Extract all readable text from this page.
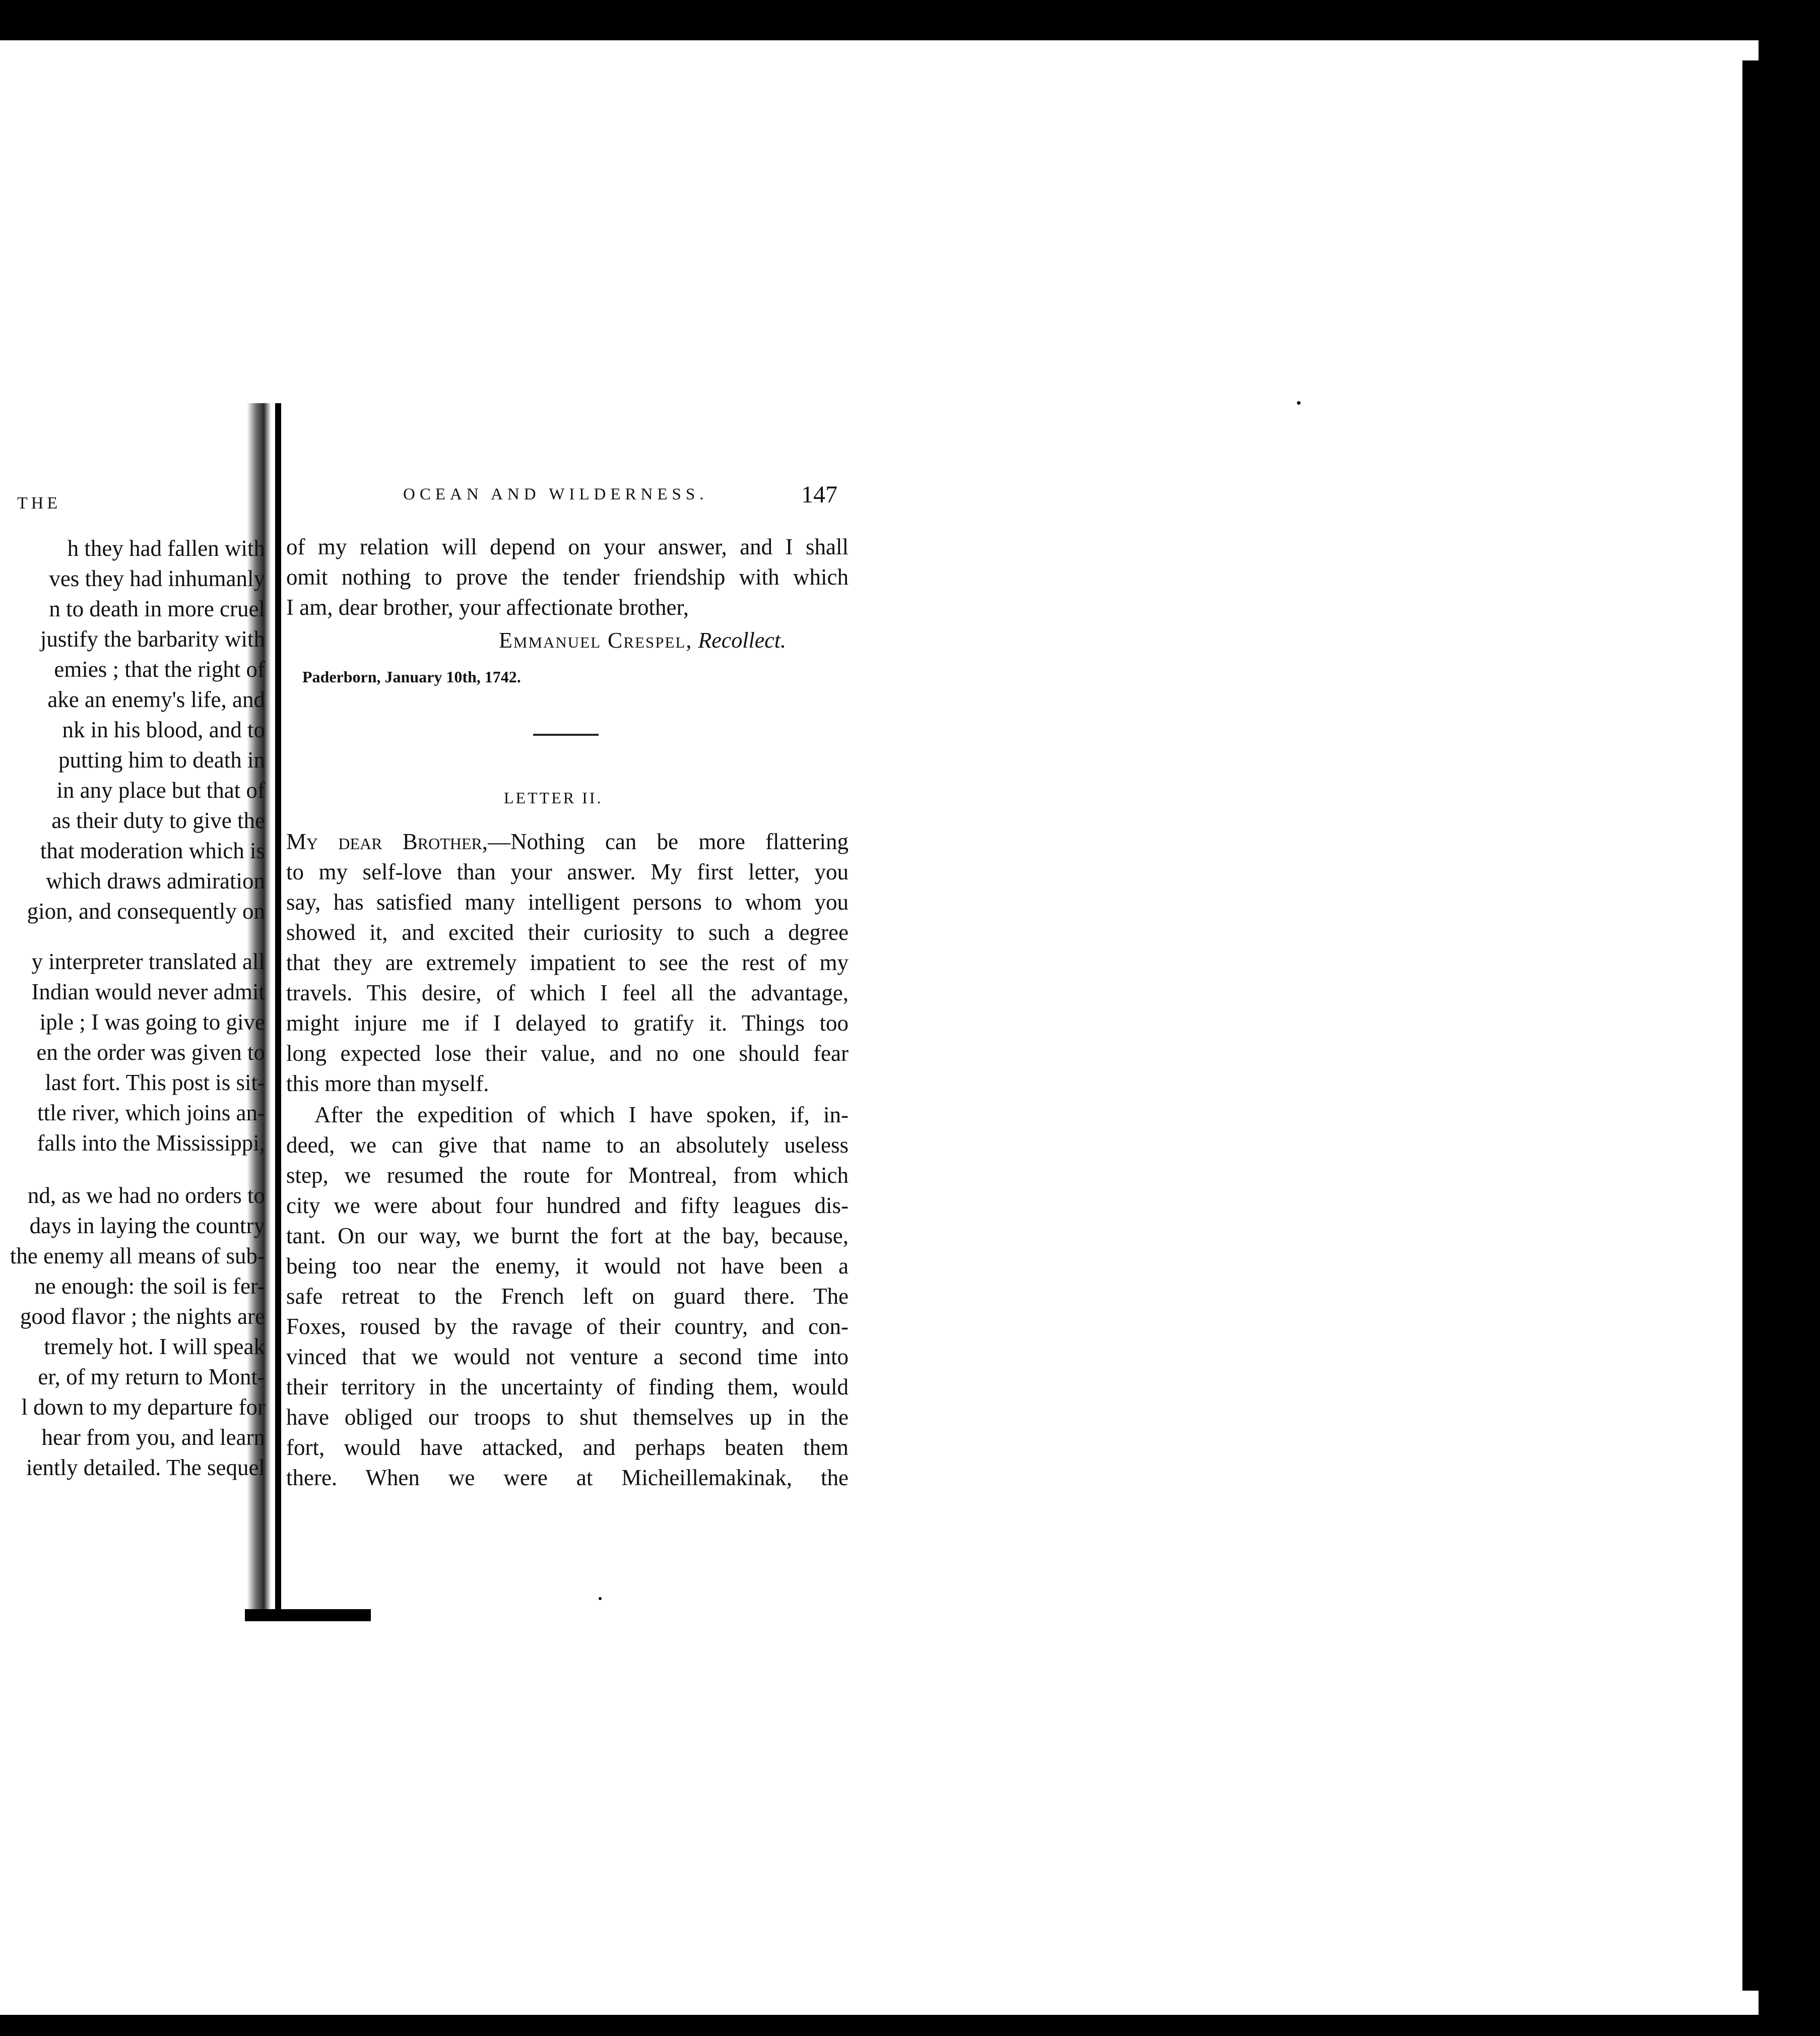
THE
h they had fallen with
ves they had inhumanly
n to death in more cruel
justify the barbarity with
emies ; that the right of
ake an enemy's life, and
nk in his blood, and to
putting him to death in
in any place but that of
as their duty to give the
that moderation which is
which draws admiration
gion, and consequently on
y interpreter translated all
Indian would never admit
iple ; I was going to give
en the order was given to
last fort. This post is sit-
ttle river, which joins an-
falls into the Mississippi,
nd, as we had no orders to
days in laying the country
the enemy all means of sub-
ne enough: the soil is fer-
good flavor ; the nights are
tremely hot. I will speak
er, of my return to Mont-
l down to my departure for
hear from you, and learn
iently detailed. The sequel
OCEAN AND WILDERNESS.	147
of my relation will depend on your answer, and I shall
omit nothing to prove the tender friendship with which
I am, dear brother, your affectionate brother,
Emmanuel Crespel, Recollect.
Paderborn, January 10th, 1742.
LETTER II.
My dear Brother,—Nothing can be more flattering
to my self-love than your answer. My first letter, you
say, has satisfied many intelligent persons to whom you
showed it, and excited their curiosity to such a degree
that they are extremely impatient to see the rest of my
travels. This desire, of which I feel all the advantage,
might injure me if I delayed to gratify it. Things too
long expected lose their value, and no one should fear
this more than myself.
After the expedition of which I have spoken, if, in-
deed, we can give that name to an absolutely useless
step, we resumed the route for Montreal, from which
city we were about four hundred and fifty leagues dis-
tant. On our way, we burnt the fort at the bay, because,
being too near the enemy, it would not have been a
safe retreat to the French left on guard there. The
Foxes, roused by the ravage of their country, and con-
vinced that we would not venture a second time into
their territory in the uncertainty of finding them, would
have obliged our troops to shut themselves up in the
fort, would have attacked, and perhaps beaten them
there. When we were at Micheillemakinak, the
